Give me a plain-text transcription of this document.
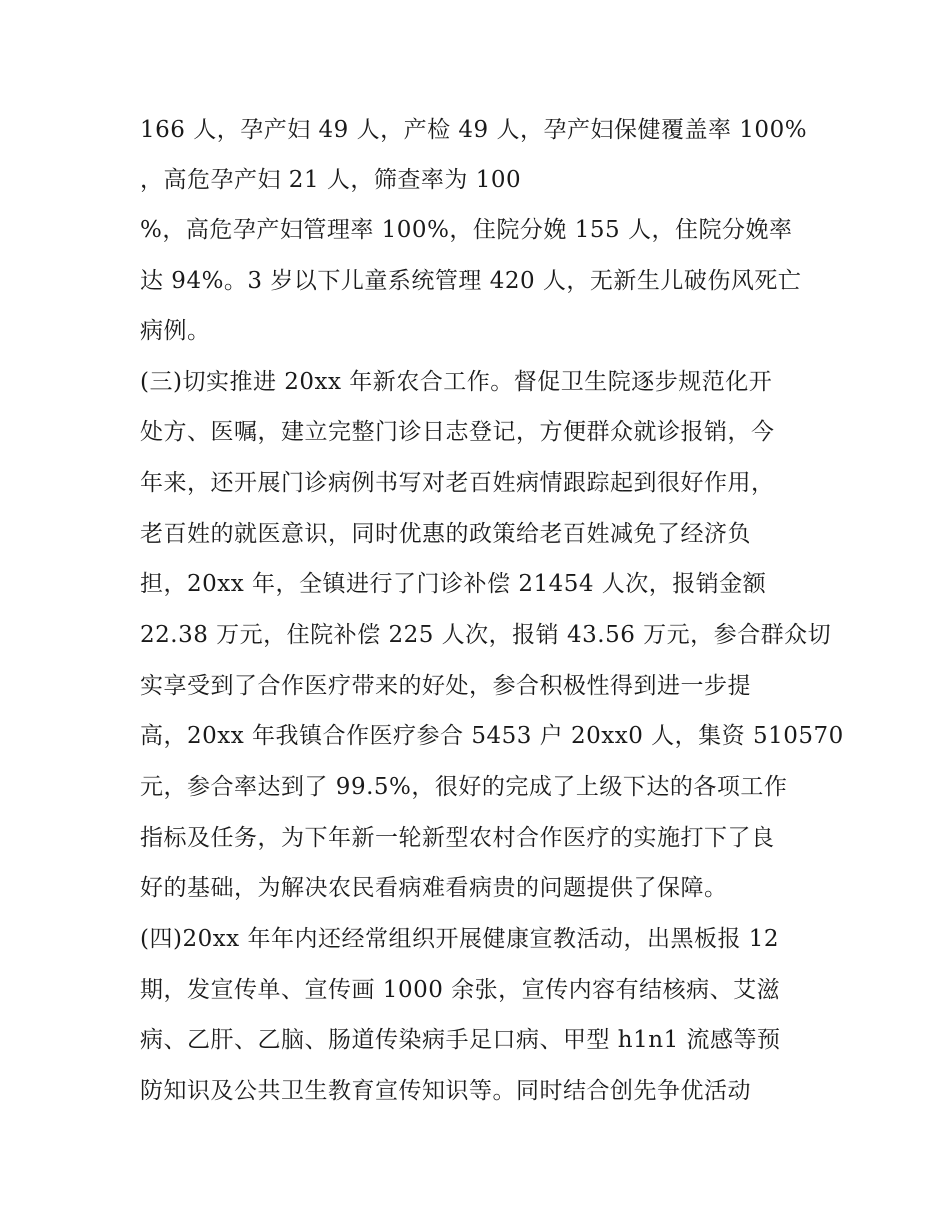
166 人，孕产妇 49 人，产检 49 人，孕产妇保健覆盖率 100%

，高危孕产妇 21 人，筛查率为 100

%，高危孕产妇管理率 100%，住院分娩 155 人，住院分娩率

达 94%。3 岁以下儿童系统管理 420 人，无新生儿破伤风死亡

病例。

(三)切实推进 20xx 年新农合工作。督促卫生院逐步规范化开

处方、医嘱，建立完整门诊日志登记，方便群众就诊报销，今

年来，还开展门诊病例书写对老百姓病情跟踪起到很好作用，

老百姓的就医意识，同时优惠的政策给老百姓减免了经济负

担，20xx 年，全镇进行了门诊补偿 21454 人次，报销金额

22.38 万元，住院补偿 225 人次，报销 43.56 万元，参合群众切

实享受到了合作医疗带来的好处，参合积极性得到进一步提

高，20xx 年我镇合作医疗参合 5453 户 20xx0 人，集资 510570

元，参合率达到了 99.5%，很好的完成了上级下达的各项工作

指标及任务，为下年新一轮新型农村合作医疗的实施打下了良

好的基础，为解决农民看病难看病贵的问题提供了保障。

(四)20xx 年年内还经常组织开展健康宣教活动，出黑板报 12

期，发宣传单、宣传画 1000 余张，宣传内容有结核病、艾滋

病、乙肝、乙脑、肠道传染病手足口病、甲型 h1n1 流感等预

防知识及公共卫生教育宣传知识等。同时结合创先争优活动
